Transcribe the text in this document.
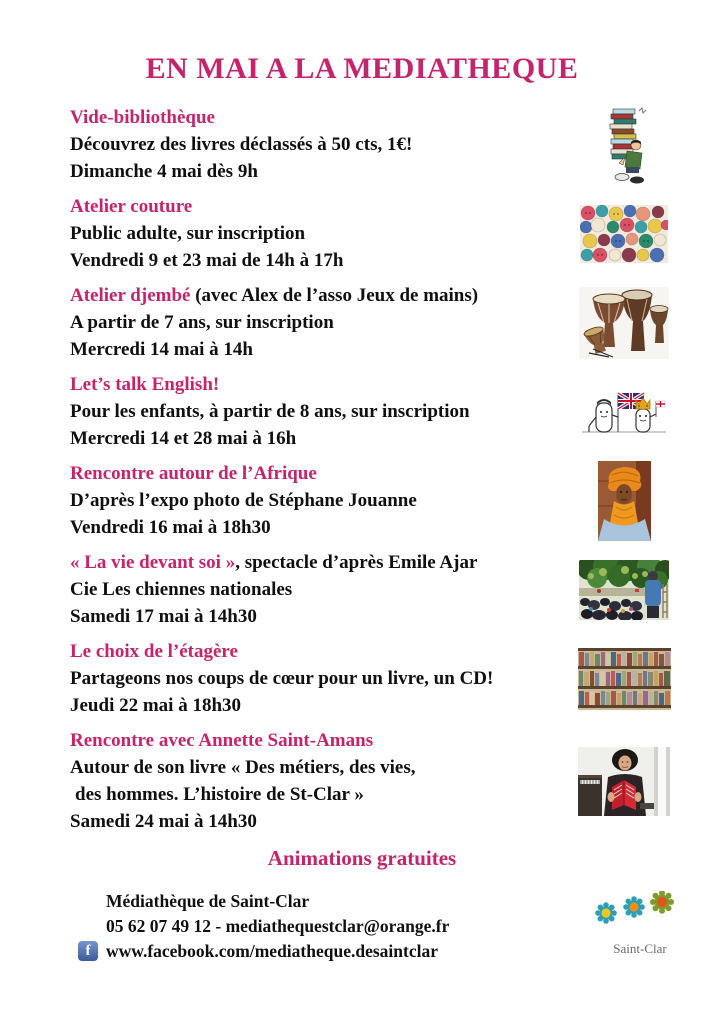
EN MAI A LA MEDIATHEQUE
Vide-bibliothèque
Découvrez des livres déclassés à 50 cts, 1€!
Dimanche 4 mai dès 9h
Atelier couture
Public adulte, sur inscription
Vendredi 9 et 23 mai de 14h à 17h
Atelier djembé (avec Alex de l’asso Jeux de mains)
A partir de 7 ans, sur inscription
Mercredi 14 mai à 14h
Let’s talk English!
Pour les enfants, à partir de 8 ans, sur inscription
Mercredi 14 et 28 mai à 16h
Rencontre autour de l’Afrique
D’après l’expo photo de Stéphane Jouanne
Vendredi 16 mai à 18h30
« La vie devant soi », spectacle d’après Emile Ajar
Cie Les chiennes nationales
Samedi 17 mai à 14h30
Le choix de l’étagère
Partageons nos coups de cœur pour un livre, un CD!
Jeudi 22 mai à 18h30
Rencontre avec Annette Saint-Amans
Autour de son livre « Des métiers, des vies,
des hommes. L’histoire de St-Clar »
Samedi 24 mai à 14h30
Animations gratuites
f
Médiathèque de Saint-Clar
05 62 07 49 12 - mediathequestclar@orange.fr
www.facebook.com/mediatheque.desaintclar	Saint-Clar
